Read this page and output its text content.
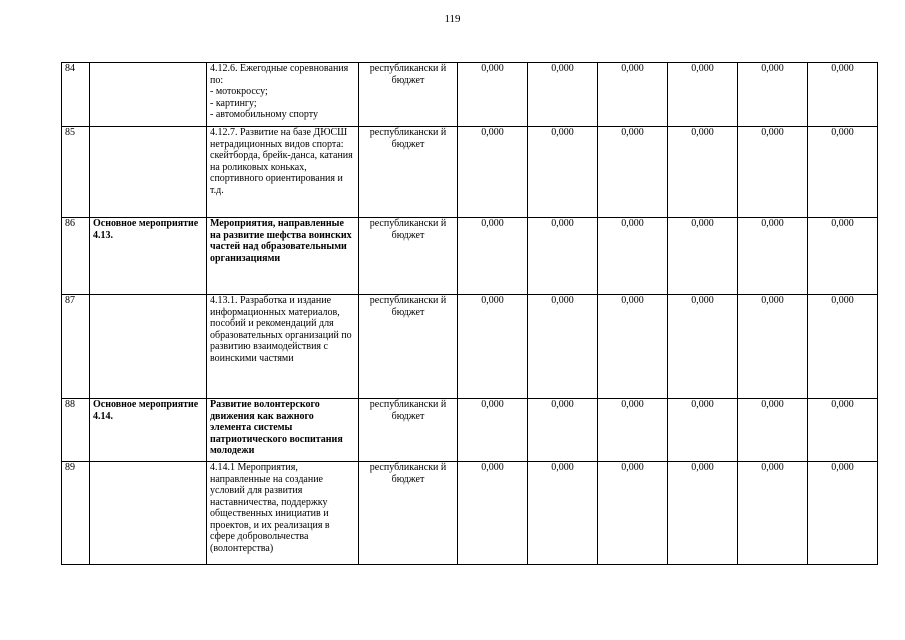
119
84		4.12.6. Ежегодные соревнования по:
- мотокроссу;
- картингу;
- автомобильному спорту	республикански й бюджет	0,000	0,000	0,000	0,000	0,000	0,000
85		4.12.7. Развитие на базе ДЮСШ нетрадиционных видов спорта: скейтборда, брейк-данса, катания на роликовых коньках, спортивного ориентирования и т.д.	республикански й бюджет	0,000	0,000	0,000	0,000	0,000	0,000
86	Основное мероприятие 4.13.	Мероприятия, направленные на развитие шефства воинских частей над образовательными организациями	республикански й бюджет	0,000	0,000	0,000	0,000	0,000	0,000
87		4.13.1. Разработка и издание информационных материалов, пособий и рекомендаций для образовательных организаций по развитию взаимодействия с воинскими частями	республикански й бюджет	0,000	0,000	0,000	0,000	0,000	0,000
88	Основное мероприятие 4.14.	Развитие волонтерского движения как важного элемента системы патриотического воспитания молодежи	республикански й бюджет	0,000	0,000	0,000	0,000	0,000	0,000
89		4.14.1 Мероприятия, направленные на создание условий для развития наставничества, поддержку общественных инициатив и проектов, и их реализация в сфере добровольчества (волонтерства)	республикански й бюджет	0,000	0,000	0,000	0,000	0,000	0,000
